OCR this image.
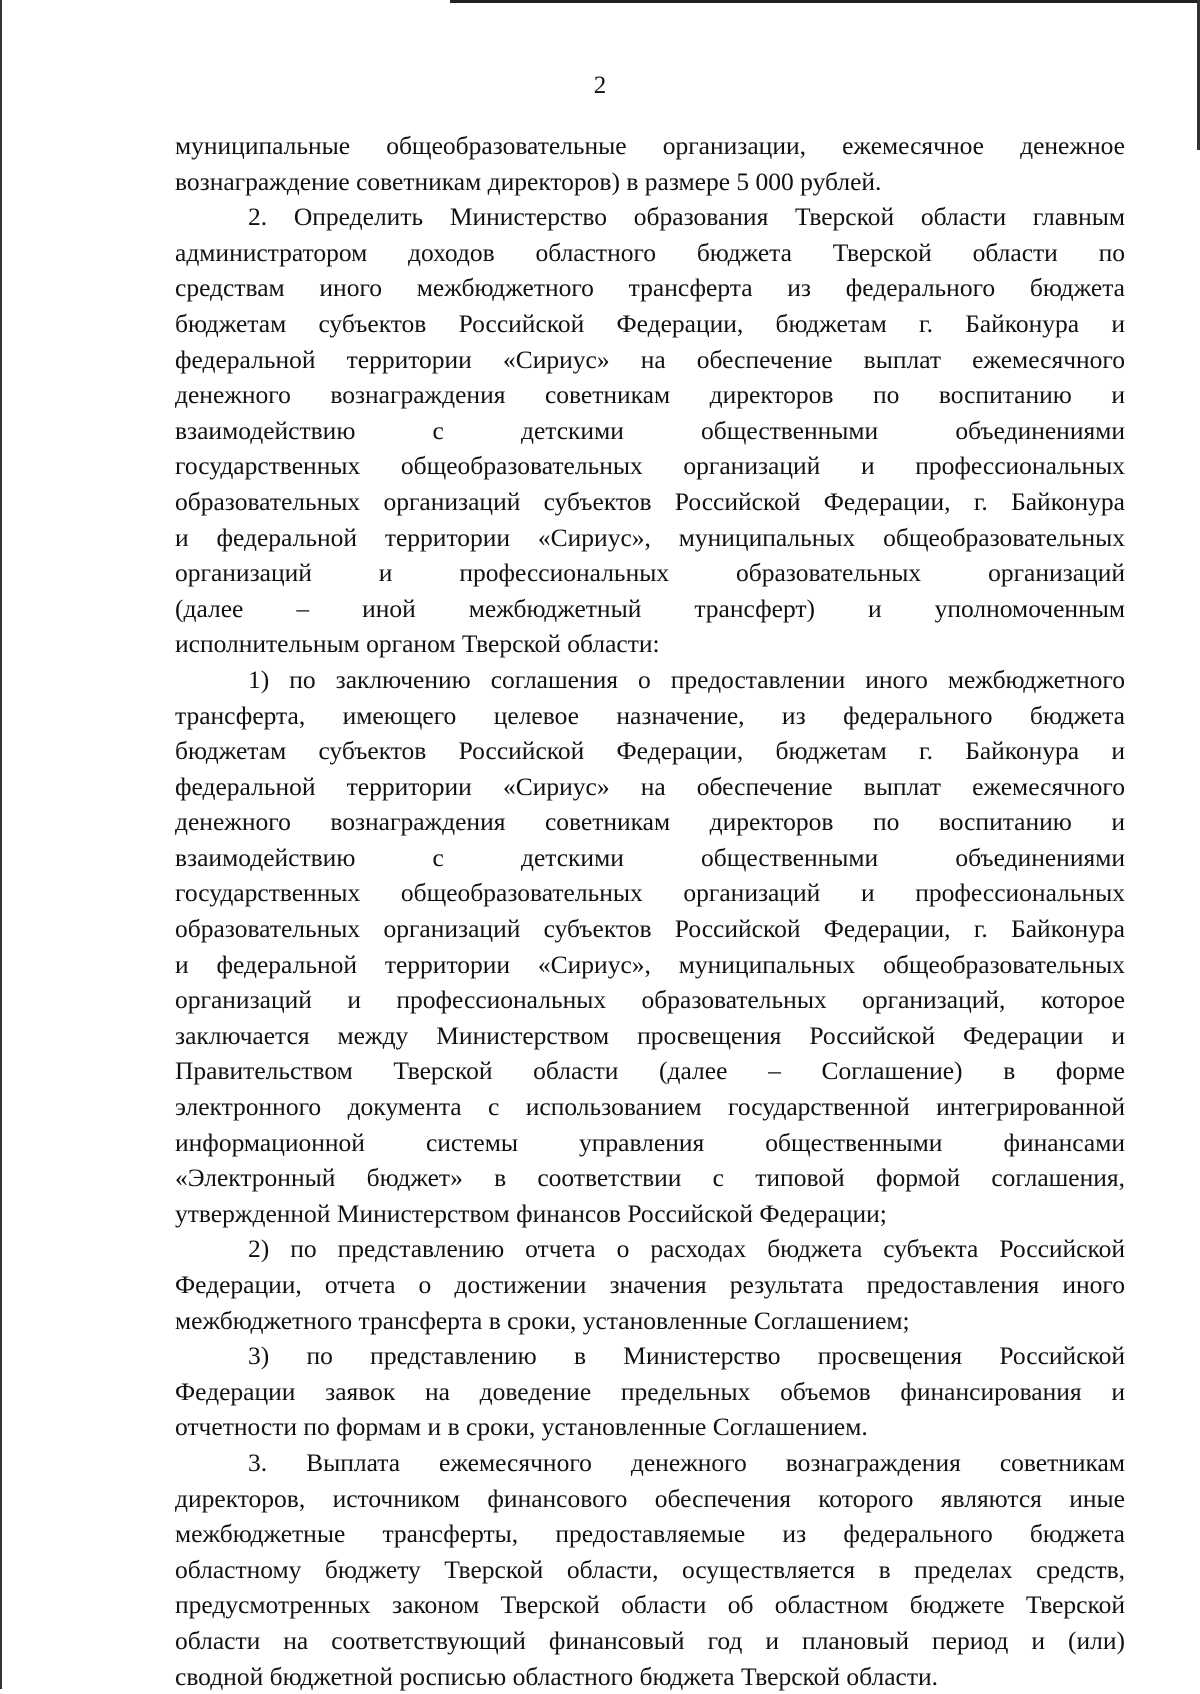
2
муниципальные общеобразовательные организации, ежемесячное денежное
вознаграждение советникам директоров) в размере 5 000 рублей.
2. Определить Министерство образования Тверской области главным
администратором доходов областного бюджета Тверской области по
средствам иного межбюджетного трансферта из федерального бюджета
бюджетам субъектов Российской Федерации, бюджетам г. Байконура и
федеральной территории «Сириус» на обеспечение выплат ежемесячного
денежного вознаграждения советникам директоров по воспитанию и
взаимодействию с детскими общественными объединениями
государственных общеобразовательных организаций и профессиональных
образовательных организаций субъектов Российской Федерации, г. Байконура
и федеральной территории «Сириус», муниципальных общеобразовательных
организаций и профессиональных образовательных организаций
(далее – иной межбюджетный трансферт) и уполномоченным
исполнительным органом Тверской области:
1) по заключению соглашения о предоставлении иного межбюджетного
трансферта, имеющего целевое назначение, из федерального бюджета
бюджетам субъектов Российской Федерации, бюджетам г. Байконура и
федеральной территории «Сириус» на обеспечение выплат ежемесячного
денежного вознаграждения советникам директоров по воспитанию и
взаимодействию с детскими общественными объединениями
государственных общеобразовательных организаций и профессиональных
образовательных организаций субъектов Российской Федерации, г. Байконура
и федеральной территории «Сириус», муниципальных общеобразовательных
организаций и профессиональных образовательных организаций, которое
заключается между Министерством просвещения Российской Федерации и
Правительством Тверской области (далее – Соглашение) в форме
электронного документа с использованием государственной интегрированной
информационной системы управления общественными финансами
«Электронный бюджет» в соответствии с типовой формой соглашения,
утвержденной Министерством финансов Российской Федерации;
2) по представлению отчета о расходах бюджета субъекта Российской
Федерации, отчета о достижении значения результата предоставления иного
межбюджетного трансферта в сроки, установленные Соглашением;
3) по представлению в Министерство просвещения Российской
Федерации заявок на доведение предельных объемов финансирования и
отчетности по формам и в сроки, установленные Соглашением.
3. Выплата ежемесячного денежного вознаграждения советникам
директоров, источником финансового обеспечения которого являются иные
межбюджетные трансферты, предоставляемые из федерального бюджета
областному бюджету Тверской области, осуществляется в пределах средств,
предусмотренных законом Тверской области об областном бюджете Тверской
области на соответствующий финансовый год и плановый период и (или)
сводной бюджетной росписью областного бюджета Тверской области.
